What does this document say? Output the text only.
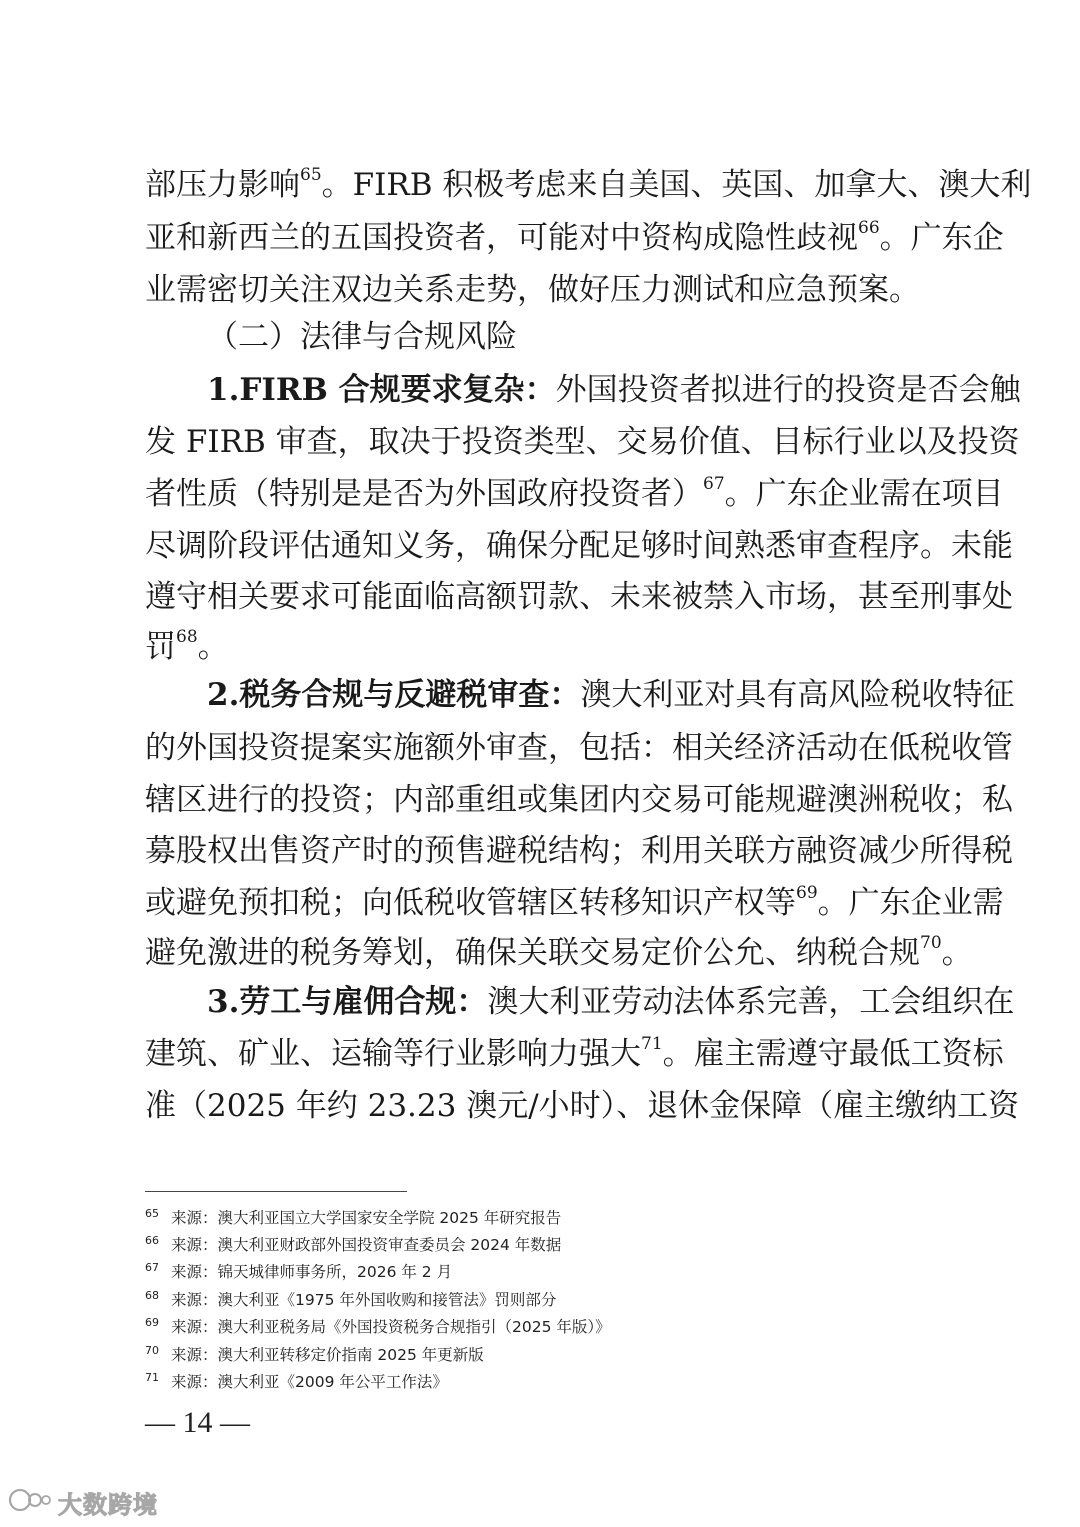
部压力影响$^{65}$。FIRB 积极考虑来自美国、英国、加拿大、澳大利
亚和新西兰的五国投资者，可能对中资构成隐性歧视$^{66}$。广东企
业需密切关注双边关系走势，做好压力测试和应急预案。
（二）法律与合规风险
1.FIRB 合规要求复杂：外国投资者拟进行的投资是否会触
发 FIRB 审查，取决于投资类型、交易价值、目标行业以及投资
者性质（特别是是否为外国政府投资者）$^{67}$。广东企业需在项目
尽调阶段评估通知义务，确保分配足够时间熟悉审查程序。未能
遵守相关要求可能面临高额罚款、未来被禁入市场，甚至刑事处
罚$^{68}$。
2.税务合规与反避税审查：澳大利亚对具有高风险税收特征
的外国投资提案实施额外审查，包括：相关经济活动在低税收管
辖区进行的投资；内部重组或集团内交易可能规避澳洲税收；私
募股权出售资产时的预售避税结构；利用关联方融资减少所得税
或避免预扣税；向低税收管辖区转移知识产权等$^{69}$。广东企业需
避免激进的税务筹划，确保关联交易定价公允、纳税合规$^{70}$。
3.劳工与雇佣合规：澳大利亚劳动法体系完善，工会组织在
建筑、矿业、运输等行业影响力强大$^{71}$。雇主需遵守最低工资标
准（2025 年约 23.23 澳元/小时）、退休金保障（雇主缴纳工资
$^{65}$ 来源：澳大利亚国立大学国家安全学院 2025 年研究报告
$^{66}$ 来源：澳大利亚财政部外国投资审查委员会 2024 年数据
$^{67}$ 来源：锦天城律师事务所，2026 年 2 月
$^{68}$ 来源：澳大利亚《1975 年外国收购和接管法》罚则部分
$^{69}$ 来源：澳大利亚税务局《外国投资税务合规指引（2025 年版）》
$^{70}$ 来源：澳大利亚转移定价指南 2025 年更新版
$^{71}$ 来源：澳大利亚《2009 年公平工作法》
— 14 —
大数跨境
